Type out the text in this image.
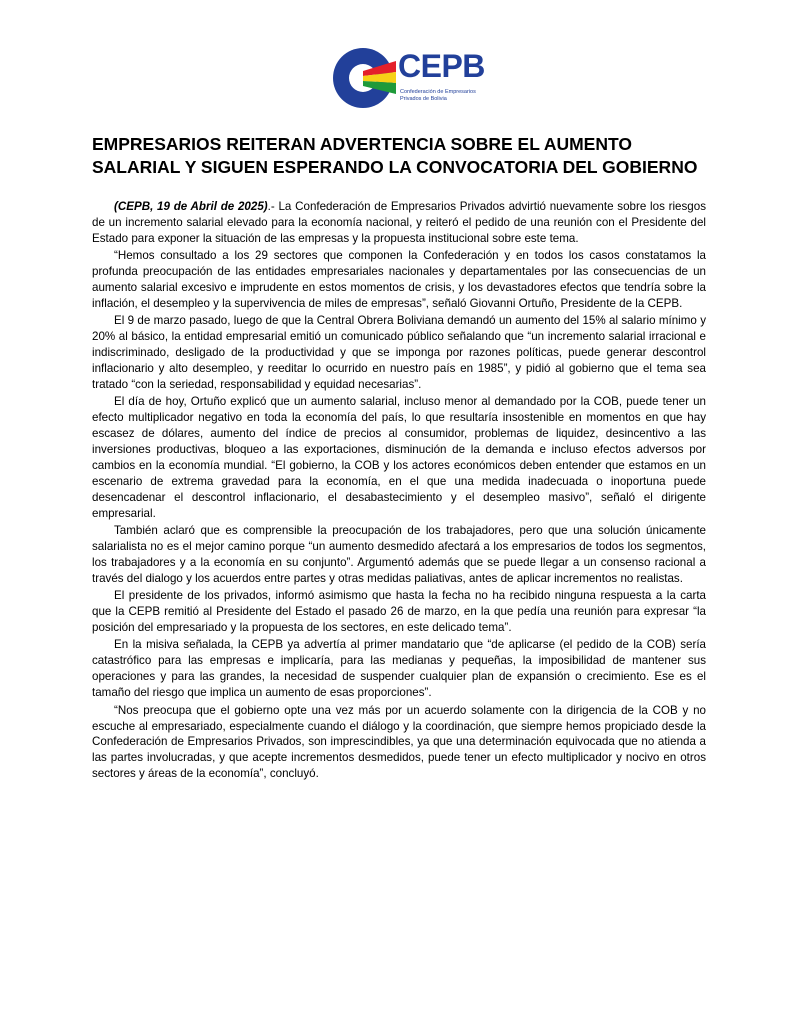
CEPB
Confederación de Empresarios Privados de Bolivia
EMPRESARIOS REITERAN ADVERTENCIA SOBRE EL AUMENTO SALARIAL Y SIGUEN ESPERANDO LA CONVOCATORIA DEL GOBIERNO

(CEPB, 19 de Abril de 2025).- La Confederación de Empresarios Privados advirtió nuevamente sobre los riesgos de un incremento salarial elevado para la economía nacional, y reiteró el pedido de una reunión con el Presidente del Estado para exponer la situación de las empresas y la propuesta institucional sobre este tema.

“Hemos consultado a los 29 sectores que componen la Confederación y en todos los casos constatamos la profunda preocupación de las entidades empresariales nacionales y departamentales por las consecuencias de un aumento salarial excesivo e imprudente en estos momentos de crisis, y los devastadores efectos que tendría sobre la inflación, el desempleo y la supervivencia de miles de empresas”, señaló Giovanni Ortuño, Presidente de la CEPB.

El 9 de marzo pasado, luego de que la Central Obrera Boliviana demandó un aumento del 15% al salario mínimo y 20% al básico, la entidad empresarial emitió un comunicado público señalando que “un incremento salarial irracional e indiscriminado, desligado de la productividad y que se imponga por razones políticas, puede generar descontrol inflacionario y alto desempleo, y reeditar lo ocurrido en nuestro país en 1985”, y pidió al gobierno que el tema sea tratado “con la seriedad, responsabilidad y equidad necesarias”.

El día de hoy, Ortuño explicó que un aumento salarial, incluso menor al demandado por la COB, puede tener un efecto multiplicador negativo en toda la economía del país, lo que resultaría insostenible en momentos en que hay escasez de dólares, aumento del índice de precios al consumidor, problemas de liquidez, desincentivo a las inversiones productivas, bloqueo a las exportaciones, disminución de la demanda e incluso efectos adversos por cambios en la economía mundial. “El gobierno, la COB y los actores económicos deben entender que estamos en un escenario de extrema gravedad para la economía, en el que una medida inadecuada o inoportuna puede desencadenar el descontrol inflacionario, el desabastecimiento y el desempleo masivo”, señaló el dirigente empresarial.

También aclaró que es comprensible la preocupación de los trabajadores, pero que una solución únicamente salarialista no es el mejor camino porque “un aumento desmedido afectará a los empresarios de todos los segmentos, los trabajadores y a la economía en su conjunto”. Argumentó además que se puede llegar a un consenso racional a través del dialogo y los acuerdos entre partes y otras medidas paliativas, antes de aplicar incrementos no realistas.

El presidente de los privados, informó asimismo que hasta la fecha no ha recibido ninguna respuesta a la carta que la CEPB remitió al Presidente del Estado el pasado 26 de marzo, en la que pedía una reunión para expresar “la posición del empresariado y la propuesta de los sectores, en este delicado tema”.

En la misiva señalada, la CEPB ya advertía al primer mandatario que “de aplicarse (el pedido de la COB) sería catastrófico para las empresas e implicaría, para las medianas y pequeñas, la imposibilidad de mantener sus operaciones y para las grandes, la necesidad de suspender cualquier plan de expansión o crecimiento. Ese es el tamaño del riesgo que implica un aumento de esas proporciones”.

“Nos preocupa que el gobierno opte una vez más por un acuerdo solamente con la dirigencia de la COB y no escuche al empresariado, especialmente cuando el diálogo y la coordinación, que siempre hemos propiciado desde la Confederación de Empresarios Privados, son imprescindibles, ya que una determinación equivocada que no atienda a las partes involucradas, y que acepte incrementos desmedidos, puede tener un efecto multiplicador y nocivo en otros sectores y áreas de la economía”, concluyó.
